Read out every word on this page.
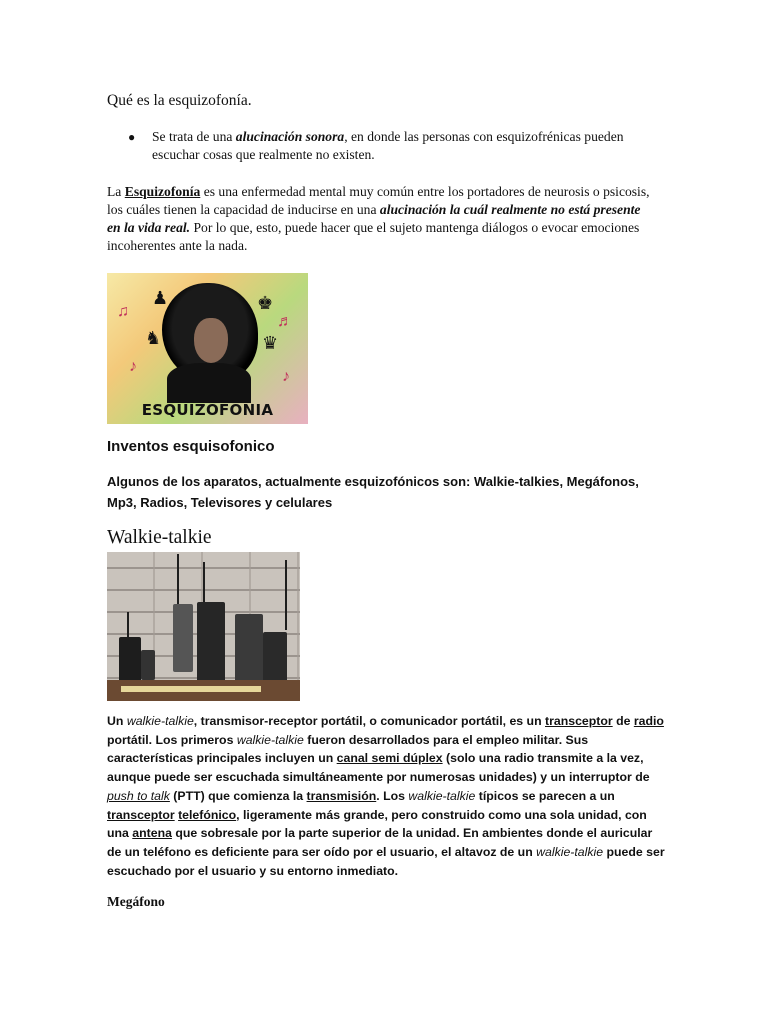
Qué es la esquizofonía.
● Se trata de una alucinación sonora, en donde las personas con esquizofrénicas pueden escuchar cosas que realmente no existen.
La Esquizofonía es una enfermedad mental muy común entre los portadores de neurosis o psicosis, los cuáles tienen la capacidad de inducirse en una alucinación la cuál realmente no está presente en la vida real. Por lo que, esto, puede hacer que el sujeto mantenga diálogos o evocar emociones incoherentes ante la nada.
♫
♪
♬
♪
♟
♞
♚
♛
ESQUIZOFONIA
Inventos esquisofonico
Algunos de los aparatos, actualmente esquizofónicos son: Walkie-talkies, Megáfonos, Mp3, Radios, Televisores y celulares
Walkie-talkie
Un walkie-talkie, transmisor-receptor portátil, o comunicador portátil, es un transceptor de radio portátil. Los primeros walkie-talkie fueron desarrollados para el empleo militar. Sus características principales incluyen un canal semi dúplex (solo una radio transmite a la vez, aunque puede ser escuchada simultáneamente por numerosas unidades) y un interruptor de push to talk (PTT) que comienza la transmisión. Los walkie-talkie típicos se parecen a un transceptor telefónico, ligeramente más grande, pero construido como una sola unidad, con una antena que sobresale por la parte superior de la unidad. En ambientes donde el auricular de un teléfono es deficiente para ser oído por el usuario, el altavoz de un walkie-talkie puede ser escuchado por el usuario y su entorno inmediato.
Megáfono
